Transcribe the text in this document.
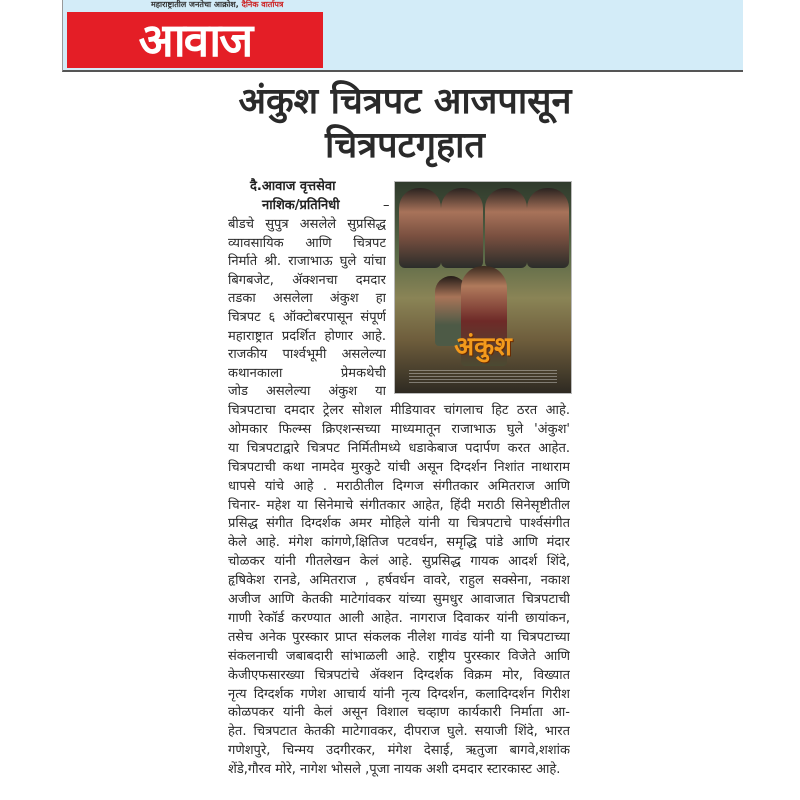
महाराष्ट्रातील जनतेचा आक्रोश, दैनिक वार्तापत्र
आवाज
अंकुश चित्रपट आजपासून
चित्रपटगृहात
दै.आवाज वृत्तसेवा
नाशिक/प्रतिनिधी	–
अंकुश
बीडचे सुपुत्र असलेले सुप्रसिद्ध
व्यावसायिक आणि चित्रपट
निर्माते श्री. राजाभाऊ घुले यांचा
बिगबजेट, ॲक्शनचा दमदार
तडका असलेला अंकुश हा
चित्रपट ६ ऑक्टोबरपासून संपूर्ण
महाराष्ट्रात प्रदर्शित होणार आहे.
राजकीय पार्श्वभूमी असलेल्या
कथानकाला प्रेमकथेची
जोड असलेल्या अंकुश या
चित्रपटाचा दमदार ट्रेलर सोशल मीडियावर चांगलाच हिट ठरत आहे.
ओमकार फिल्म्स क्रिएशन्सच्या माध्यमातून राजाभाऊ घुले 'अंकुश'
या चित्रपटाद्वारे चित्रपट निर्मितीमध्ये धडाकेबाज पदार्पण करत आहेत.
चित्रपटाची कथा नामदेव मुरकुटे यांची असून दिग्दर्शन निशांत नाथाराम
धापसे यांचे आहे . मराठीतील दिग्गज संगीतकार अमितराज आणि
चिनार- महेश या सिनेमाचे संगीतकार आहेत, हिंदी मराठी सिनेसृष्टीतील
प्रसिद्ध संगीत दिग्दर्शक अमर मोहिले यांनी या चित्रपटाचे पार्श्वसंगीत
केले आहे. मंगेश कांगणे,क्षितिज पटवर्धन, समृद्धि पांडे आणि मंदार
चोळकर यांनी गीतलेखन केलं आहे. सुप्रसिद्ध गायक आदर्श शिंदे,
हृषिकेश रानडे, अमितराज , हर्षवर्धन वावरे, राहुल सक्सेना, नकाश
अजीज आणि केतकी माटेगांवकर यांच्या सुमधुर आवाजात चित्रपटाची
गाणी रेकॉर्ड करण्यात आली आहेत. नागराज दिवाकर यांनी छायांकन,
तसेच अनेक पुरस्कार प्राप्त संकलक नीलेश गावंड यांनी या चित्रपटाच्या
संकलनाची जबाबदारी सांभाळली आहे. राष्ट्रीय पुरस्कार विजेते आणि
केजीएफसारख्या चित्रपटांचे ॲक्शन दिग्दर्शक विक्रम मोर, विख्यात
नृत्य दिग्दर्शक गणेश आचार्य यांनी नृत्य दिग्दर्शन, कलादिग्दर्शन गिरीश
कोळपकर यांनी केलं असून विशाल चव्हाण कार्यकारी निर्माता आ-
हेत. चित्रपटात केतकी माटेगावकर, दीपराज घुले. सयाजी शिंदे, भारत
गणेशपुरे, चिन्मय उदगीरकर, मंगेश देसाई, ऋतुजा बागवे,शशांक
शेंडे,गौरव मोरे, नागेश भोसले ,पूजा नायक अशी दमदार स्टारकास्ट आहे.
